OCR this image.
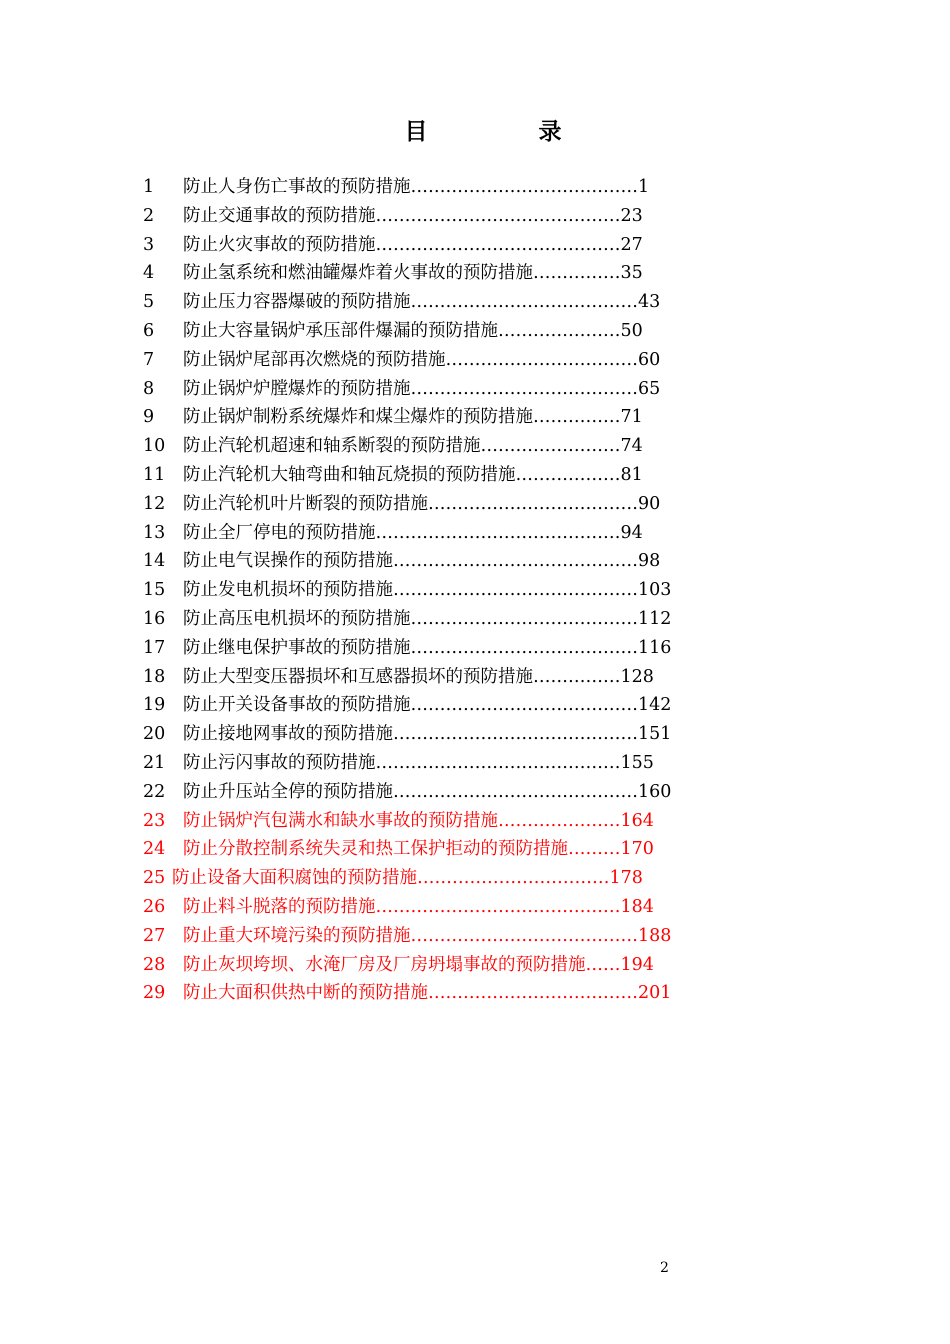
目　录
1 防止人身伤亡事故的预防措施…………………………………1
2 防止交通事故的预防措施……………………………………23
3 防止火灾事故的预防措施……………………………………27
4 防止氢系统和燃油罐爆炸着火事故的预防措施……………35
5 防止压力容器爆破的预防措施…………………………………43
6 防止大容量锅炉承压部件爆漏的预防措施…………………50
7 防止锅炉尾部再次燃烧的预防措施……………………………60
8 防止锅炉炉膛爆炸的预防措施…………………………………65
9 防止锅炉制粉系统爆炸和煤尘爆炸的预防措施……………71
10 防止汽轮机超速和轴系断裂的预防措施……………………74
11 防止汽轮机大轴弯曲和轴瓦烧损的预防措施………………81
12 防止汽轮机叶片断裂的预防措施………………………………90
13 防止全厂停电的预防措施……………………………………94
14 防止电气误操作的预防措施……………………………………98
15 防止发电机损坏的预防措施……………………………………103
16 防止高压电机损坏的预防措施…………………………………112
17 防止继电保护事故的预防措施…………………………………116
18 防止大型变压器损坏和互感器损坏的预防措施……………128
19 防止开关设备事故的预防措施…………………………………142
20 防止接地网事故的预防措施……………………………………151
21 防止污闪事故的预防措施……………………………………155
22 防止升压站全停的预防措施……………………………………160
23 防止锅炉汽包满水和缺水事故的预防措施…………………164
24 防止分散控制系统失灵和热工保护拒动的预防措施………170
25 防止设备大面积腐蚀的预防措施……………………………178
26 防止料斗脱落的预防措施……………………………………184
27 防止重大环境污染的预防措施…………………………………188
28 防止灰坝垮坝、水淹厂房及厂房坍塌事故的预防措施……194
29 防止大面积供热中断的预防措施………………………………201
2
